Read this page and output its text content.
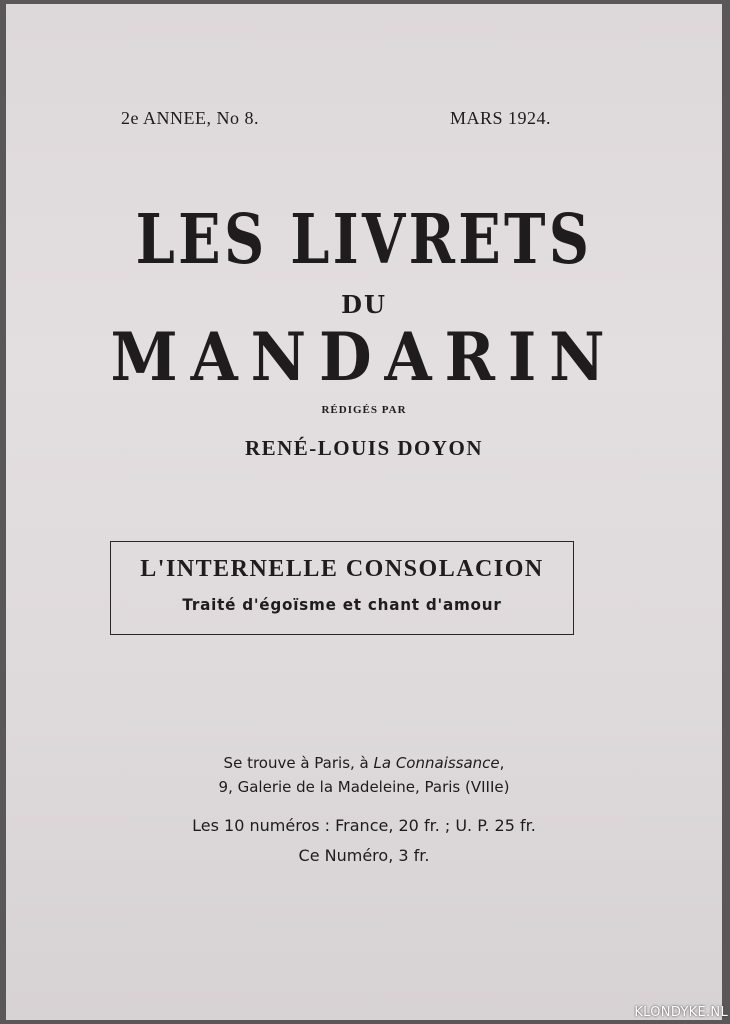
2e ANNEE, No 8.	MARS 1924.
LES LIVRETS
DU
MANDARIN
RÉDIGÉS PAR
RENÉ-LOUIS DOYON
L'INTERNELLE CONSOLACION
Traité d'égoïsme et chant d'amour
Se trouve à Paris, à La Connaissance,
9, Galerie de la Madeleine, Paris (VIIIe)
Les 10 numéros : France, 20 fr. ; U. P. 25 fr.
Ce Numéro, 3 fr.
KLONDYKE.NL
